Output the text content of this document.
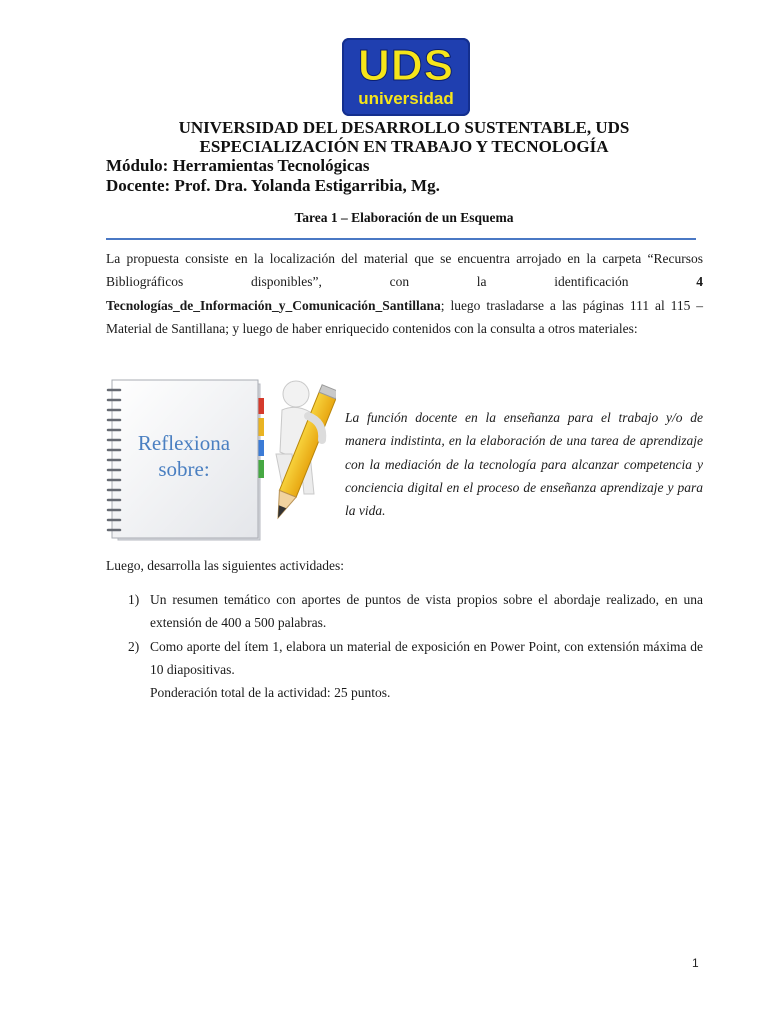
UDS
universidad
UNIVERSIDAD DEL DESARROLLO SUSTENTABLE, UDS
ESPECIALIZACIÓN EN TRABAJO Y TECNOLOGÍA
Módulo: Herramientas Tecnológicas
Docente: Prof. Dra. Yolanda Estigarribia, Mg.
Tarea 1 – Elaboración de un Esquema
La propuesta consiste en la localización del material que se encuentra arrojado en la carpeta “Recursos Bibliográficos disponibles”, con la identificación 4 Tecnologías_de_Información_y_Comunicación_Santillana; luego trasladarse a las páginas 111 al 115 – Material de Santillana; y luego de haber enriquecido contenidos con la consulta a otros materiales:
Reflexiona
sobre:
La función docente en la enseñanza para el trabajo y/o de manera indistinta, en la elaboración de una tarea de aprendizaje con la mediación de la tecnología para alcanzar competencia y conciencia digital en el proceso de enseñanza aprendizaje y para la vida.
Luego, desarrolla las siguientes actividades:
1) Un resumen temático con aportes de puntos de vista propios sobre el abordaje realizado, en una extensión de 400 a 500 palabras.
2) Como aporte del ítem 1, elabora un material de exposición en Power Point, con extensión máxima de 10 diapositivas.
Ponderación total de la actividad: 25 puntos.
1
